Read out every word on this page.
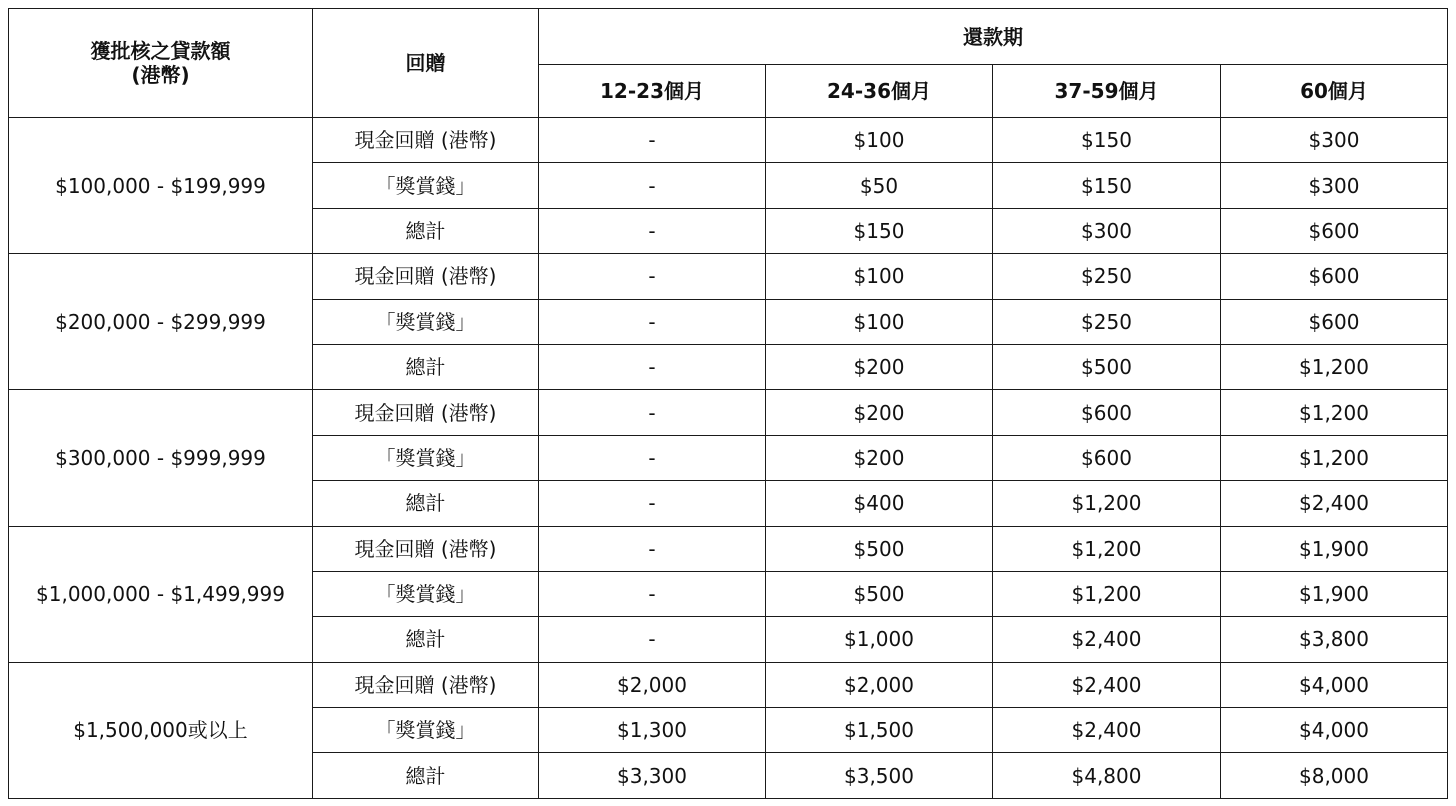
獲批核之貸款額
(港幣)	回贈	還款期			
		12-23個月	24-36個月	37-59個月	60個月
$100,000 - $199,999	現金回贈 (港幣)	-	$100	$150	$300
	「獎賞錢」	-	$50	$150	$300
	總計	-	$150	$300	$600
$200,000 - $299,999	現金回贈 (港幣)	-	$100	$250	$600
	「獎賞錢」	-	$100	$250	$600
	總計	-	$200	$500	$1,200
$300,000 - $999,999	現金回贈 (港幣)	-	$200	$600	$1,200
	「獎賞錢」	-	$200	$600	$1,200
	總計	-	$400	$1,200	$2,400
$1,000,000 - $1,499,999	現金回贈 (港幣)	-	$500	$1,200	$1,900
	「獎賞錢」	-	$500	$1,200	$1,900
	總計	-	$1,000	$2,400	$3,800
$1,500,000或以上	現金回贈 (港幣)	$2,000	$2,000	$2,400	$4,000
	「獎賞錢」	$1,300	$1,500	$2,400	$4,000
	總計	$3,300	$3,500	$4,800	$8,000
